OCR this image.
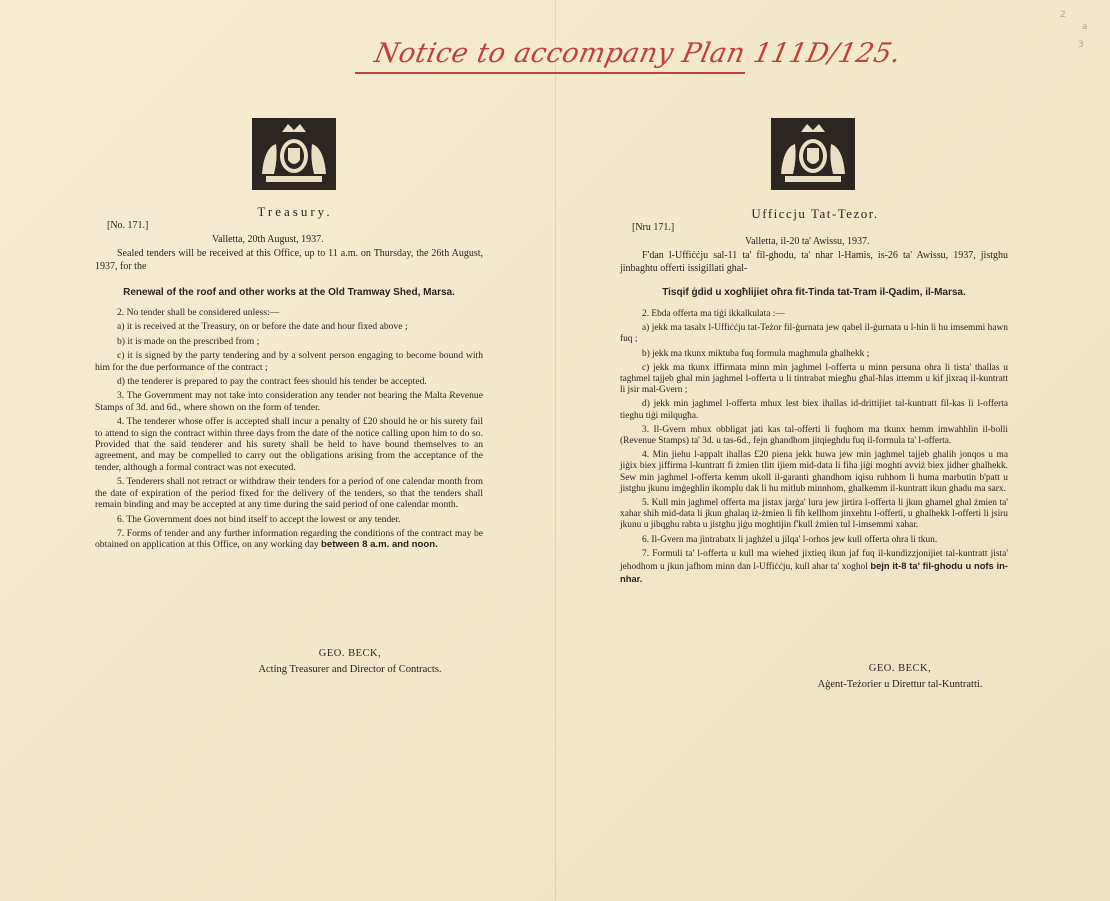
2
a
3
Notice to accompany Plan 111D/125.
Treasury.
[No. 171.]
Valletta, 20th August, 1937.
Sealed tenders will be received at this Office, up to 11 a.m. on Thursday, the 26th August, 1937, for the
Renewal of the roof and other works at the Old Tramway Shed, Marsa.

2. No tender shall be considered unless:—

a) it is received at the Treasury, on or before the date and hour fixed above ;

b) it is made on the prescribed from ;

c) it is signed by the party tendering and by a solvent person engaging to become bound with him for the due performance of the contract ;

d) the tenderer is prepared to pay the contract fees should his tender be accepted.

3. The Government may not take into consideration any tender not bearing the Malta Revenue Stamps of 3d. and 6d., where shown on the form of tender.

4. The tenderer whose offer is accepted shall incur a penalty of £20 should he or his surety fail to attend to sign the contract within three days from the date of the notice calling upon him to do so. Provided that the said tenderer and his surety shall be held to have bound themselves to an agreement, and may be compelled to carry out the obligations arising from the acceptance of the tender, although a formal contract was not executed.

5. Tenderers shall not retract or withdraw their tenders for a period of one calendar month from the date of expiration of the period fixed for the delivery of the tenders, so that the tenders shall remain binding and may be accepted at any time during the said period of one calendar month.

6. The Government does not bind itself to accept the lowest or any tender.

7. Forms of tender and any further information regarding the conditions of the contract may be obtained on application at this Office, on any working day between 8 a.m. and noon.

GEO. BECK,
Acting Treasurer and Director of Contracts.
Ufficcju Tat-Tezor.
[Nru 171.]
Valletta, il-20 ta' Awissu, 1937.
F'dan l-Uffiċċju sal-11 ta' fil-ghodu, ta' nhar l-Hamis, is-26 ta' Awissu, 1937, jistghu jinbaghtu offerti issigillati ghal-
Tisqif ġdid u xogħlijiet oħra fit-Tinda tat-Tram il-Qadim, il-Marsa.

2. Ebda offerta ma tiġi ikkalkulata :—

a) jekk ma tasalx l-Uffiċċju tat-Teżor fil-ġurnata jew qabel il-ġurnata u l-hin li hu imsemmi hawn fuq ;

b) jekk ma tkunx miktuba fuq formula maghmula ghalhekk ;

c) jekk ma tkunx iffirmata minn min jaghmel l-offerta u minn persuna ohra li tista' thallas u taghmel tajjeb ghal min jaghmel l-offerta u li tintrabat miegħu għal-ħlas ittemm u kif jixraq il-kuntratt li jsir mal-Gvern ;

d) jekk min jaghmel l-offerta mhux lest biex ihallas id-drittijiet tal-kuntratt fil-kas li l-offerta tieghu tiġi milqugħa.

3. Il-Gvern mhux obbligat jati kas tal-offerti li fuqhom ma tkunx hemm imwahhlin il-bolli (Revenue Stamps) ta' 3d. u tas-6d., fejn ghandhom jitqieghdu fuq il-formula ta' l-offerta.

4. Min jiehu l-appalt ihallas £20 piena jekk huwa jew min jaghmel tajjeb ghalih jonqos u ma jiġix biex jiffirma l-kuntratt fi żmien tlitt ijiem mid-data li fiha jiġi moghti avviż biex jidher ghalhekk. Sew min jaghmel l-offerta kemm ukoll il-garanti ghandhom iqisu ruhhom li huma marbutin b'patt u jistghu jkunu imġeghlin ikomplu dak li hu mitlub minnhom, ghalkemm il-kuntratt ikun ghadu ma sarx.

5. Kull min jaghmel offerta ma jistax jarġa' lura jew jirtira l-offerta li jkun ghamel ghal żmien ta' xahar shih mid-data li jkun ghalaq iż-żmien li fih kellhom jinxehtu l-offerti, u ghalhekk l-offerti li jsiru jkunu u jibqghu rabta u jistghu jiġu moghtijin f'kull żmien tul l-imsemmi xahar.

6. Il-Gvern ma jintrabatx li jaghżel u jilqa' l-orhos jew kull offerta ohra li tkun.

7. Formuli ta' l-offerta u kull ma wiehed jixtieq ikun jaf fuq il-kundizzjonijiet tal-kuntratt jista' jehodhom u jkun jafhom minn dan l-Uffiċċju, kull ahar ta' xoghol bejn it-8 ta' fil-ghodu u nofs in-nhar.

GEO. BECK,
Aġent-Teżorier u Direttur tal-Kuntratti.
